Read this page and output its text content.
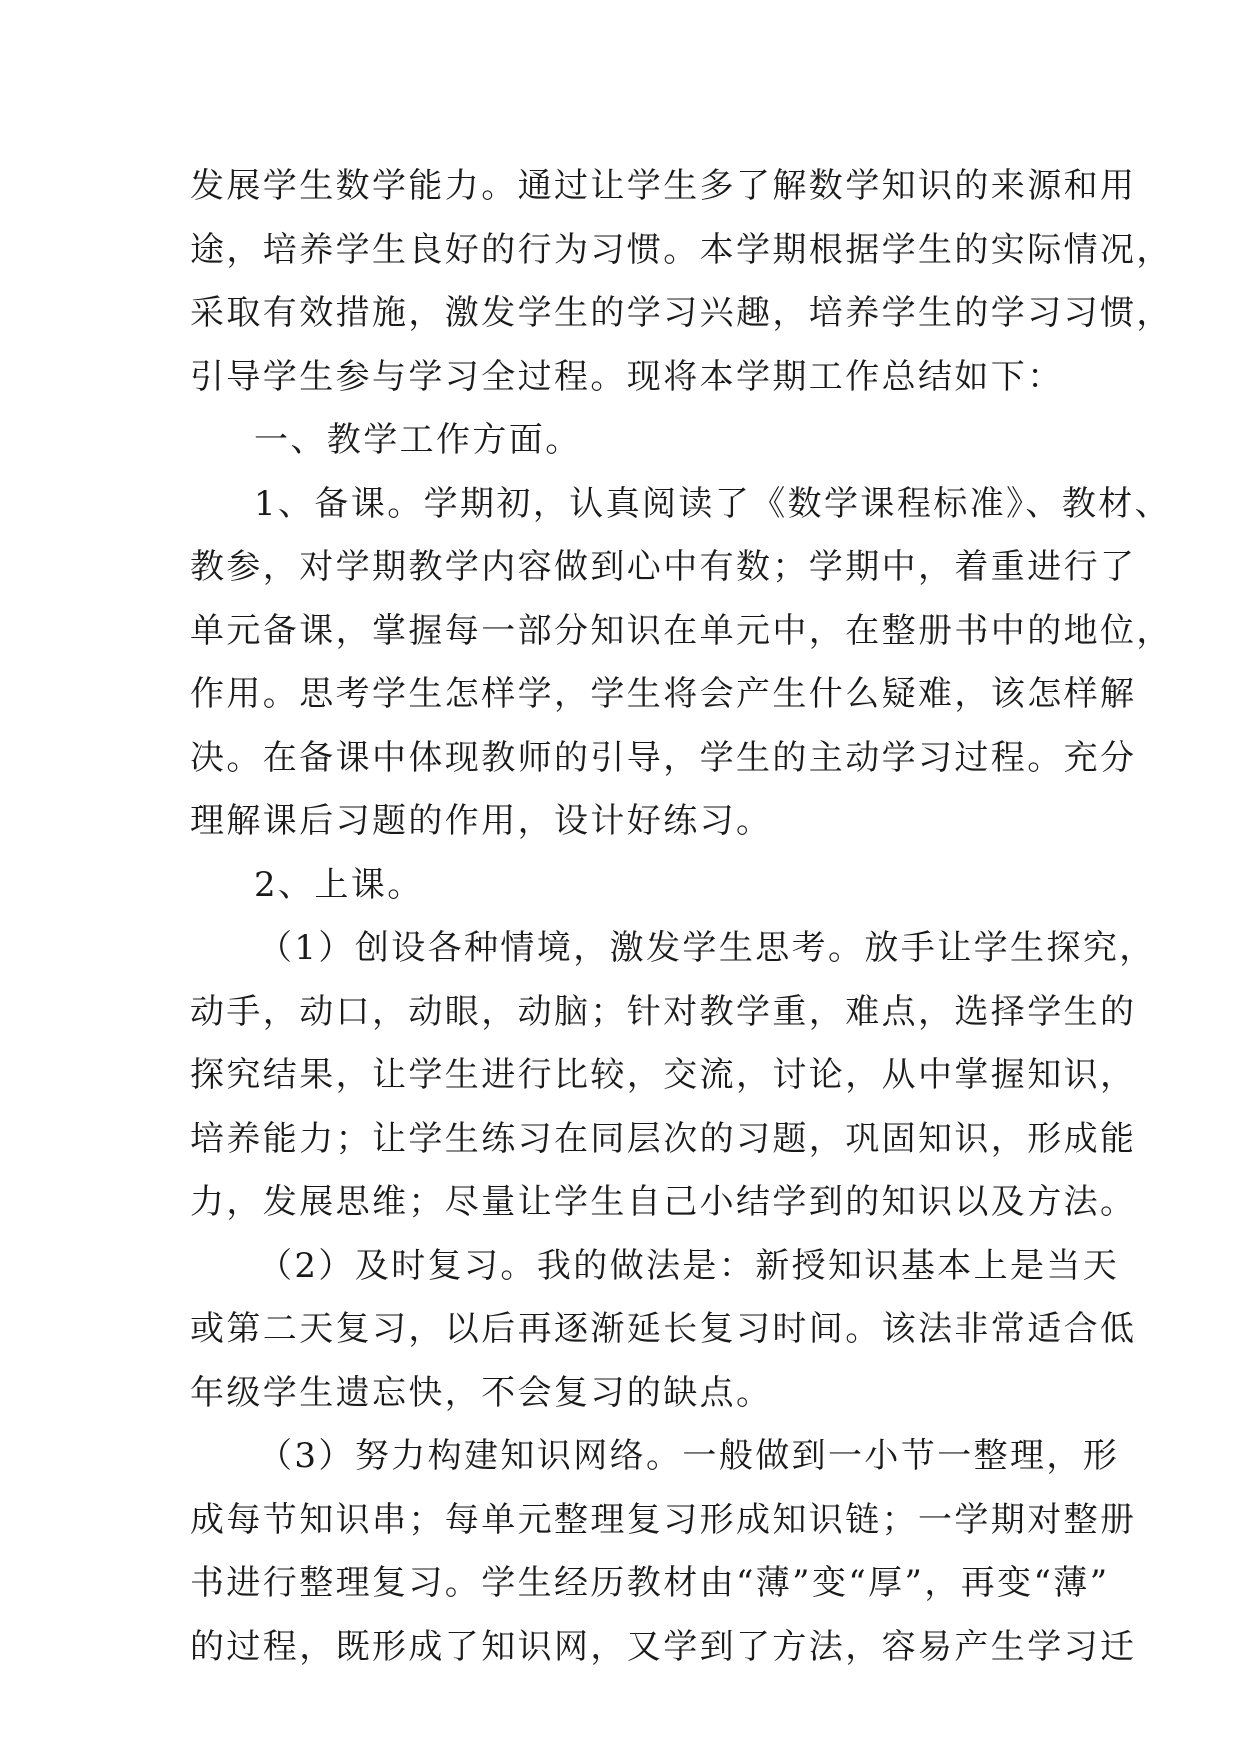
发展学生数学能力。通过让学生多了解数学知识的来源和用
途，培养学生良好的行为习惯。本学期根据学生的实际情况，
采取有效措施，激发学生的学习兴趣，培养学生的学习习惯，
引导学生参与学习全过程。现将本学期工作总结如下：
一、教学工作方面。
1、备课。学期初，认真阅读了《数学课程标准》、教材、
教参，对学期教学内容做到心中有数；学期中，着重进行了
单元备课，掌握每一部分知识在单元中，在整册书中的地位，
作用。思考学生怎样学，学生将会产生什么疑难，该怎样解
决。在备课中体现教师的引导，学生的主动学习过程。充分
理解课后习题的作用，设计好练习。
2、上课。
（1）创设各种情境，激发学生思考。放手让学生探究，
动手，动口，动眼，动脑；针对教学重，难点，选择学生的
探究结果，让学生进行比较，交流，讨论，从中掌握知识，
培养能力；让学生练习在同层次的习题，巩固知识，形成能
力，发展思维；尽量让学生自己小结学到的知识以及方法。
（2）及时复习。我的做法是：新授知识基本上是当天
或第二天复习，以后再逐渐延长复习时间。该法非常适合低
年级学生遗忘快，不会复习的缺点。
（3）努力构建知识网络。一般做到一小节一整理，形
成每节知识串；每单元整理复习形成知识链；一学期对整册
书进行整理复习。学生经历教材由“薄”变“厚”，再变“薄”
的过程，既形成了知识网，又学到了方法，容易产生学习迁
